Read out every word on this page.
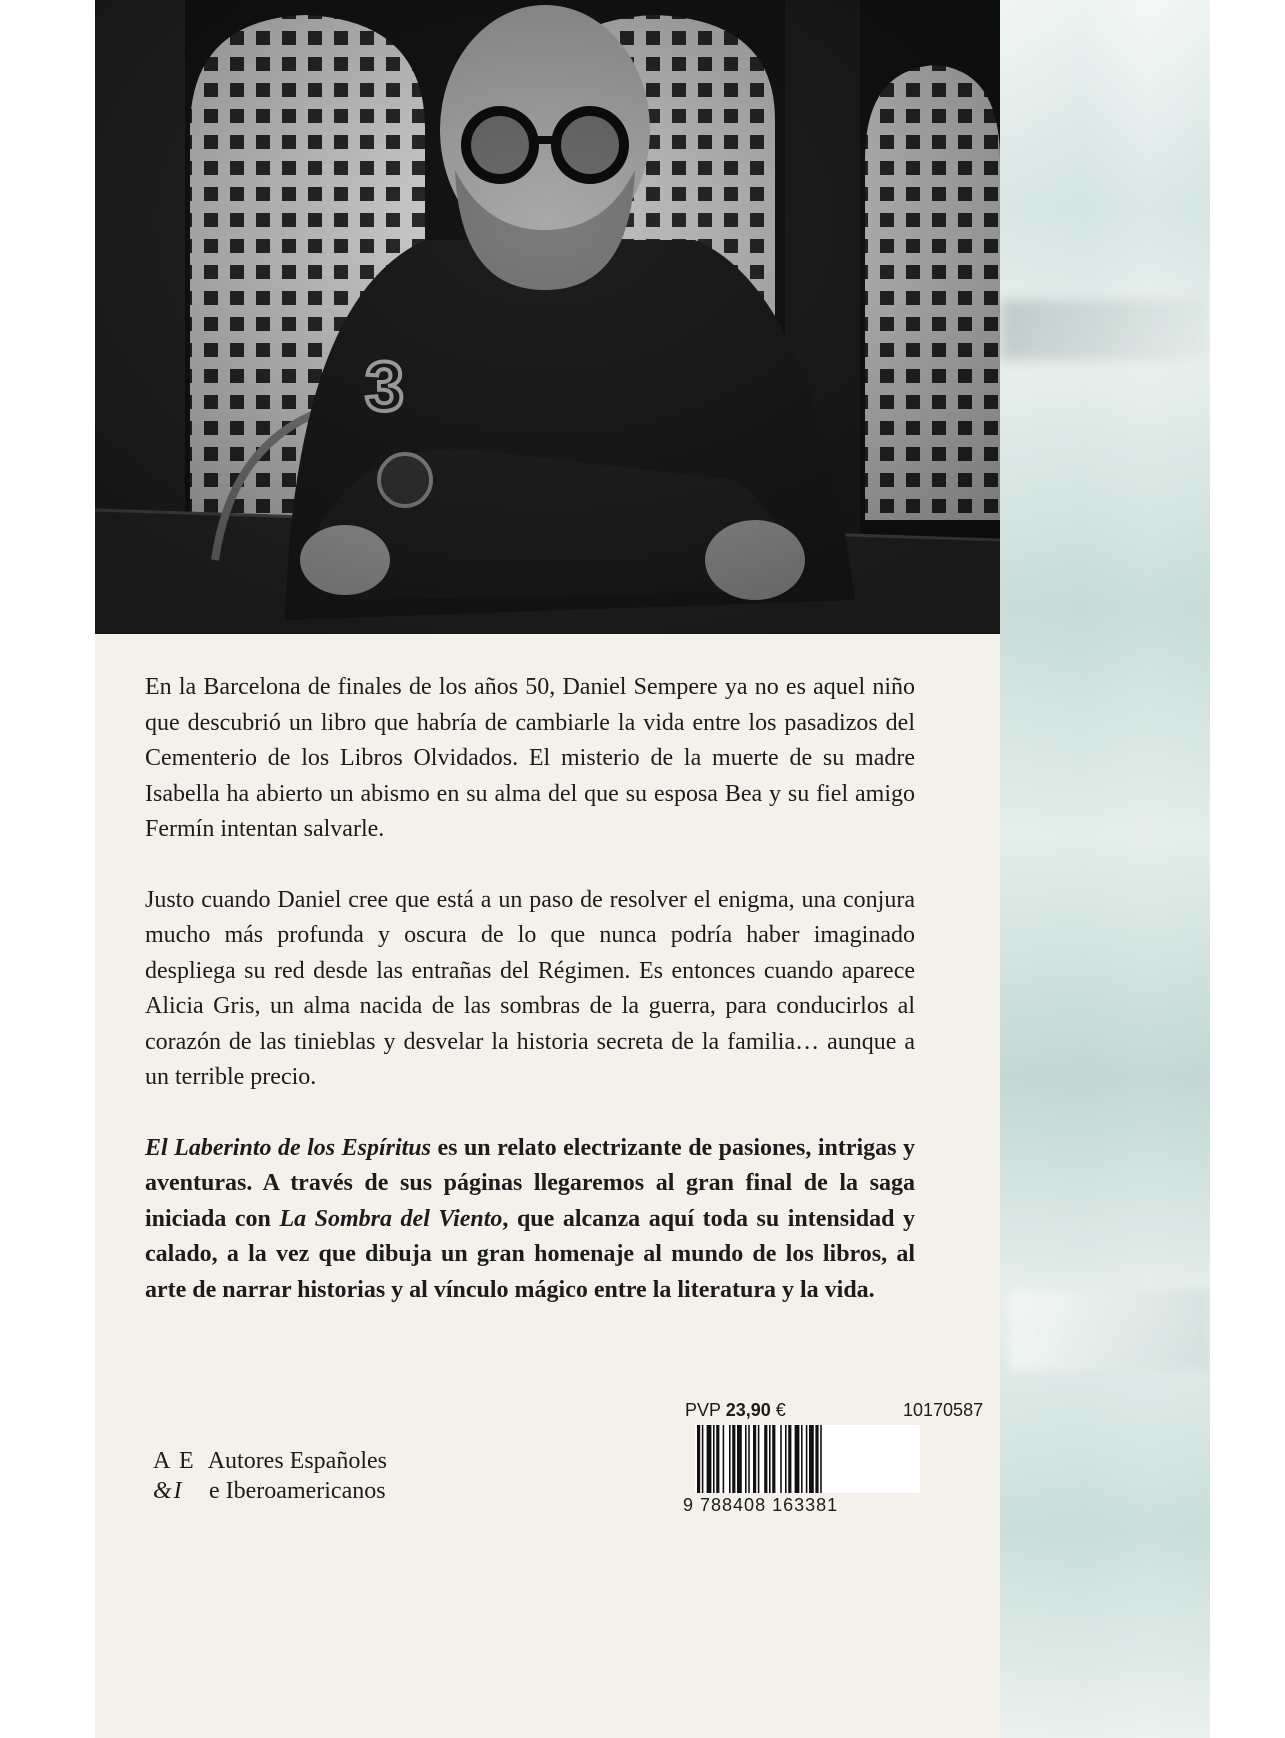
En la Barcelona de finales de los años 50, Daniel Sempere ya no es aquel niño que descubrió un libro que habría de cambiarle la vida entre los pasadizos del Cementerio de los Libros Olvidados. El misterio de la muerte de su madre Isabella ha abierto un abismo en su alma del que su esposa Bea y su fiel amigo Fermín intentan salvarle.

Justo cuando Daniel cree que está a un paso de resolver el enigma, una conjura mucho más profunda y oscura de lo que nunca podría haber imaginado despliega su red desde las entrañas del Régimen. Es entonces cuando aparece Alicia Gris, un alma nacida de las sombras de la guerra, para conducirlos al corazón de las tinieblas y desvelar la historia secreta de la familia… aunque a un terrible precio.

El Laberinto de los Espíritus es un relato electrizante de pasiones, intrigas y aventuras. A través de sus páginas llegaremos al gran final de la saga iniciada con La Sombra del Viento, que alcanza aquí toda su intensidad y calado, a la vez que dibuja un gran homenaje al mundo de los libros, al arte de narrar historias y al vínculo mágico entre la literatura y la vida.

A E Autores Españoles
&I e Iberoamericanos
PVP 23,90 €	10170587
9 788408 163381
